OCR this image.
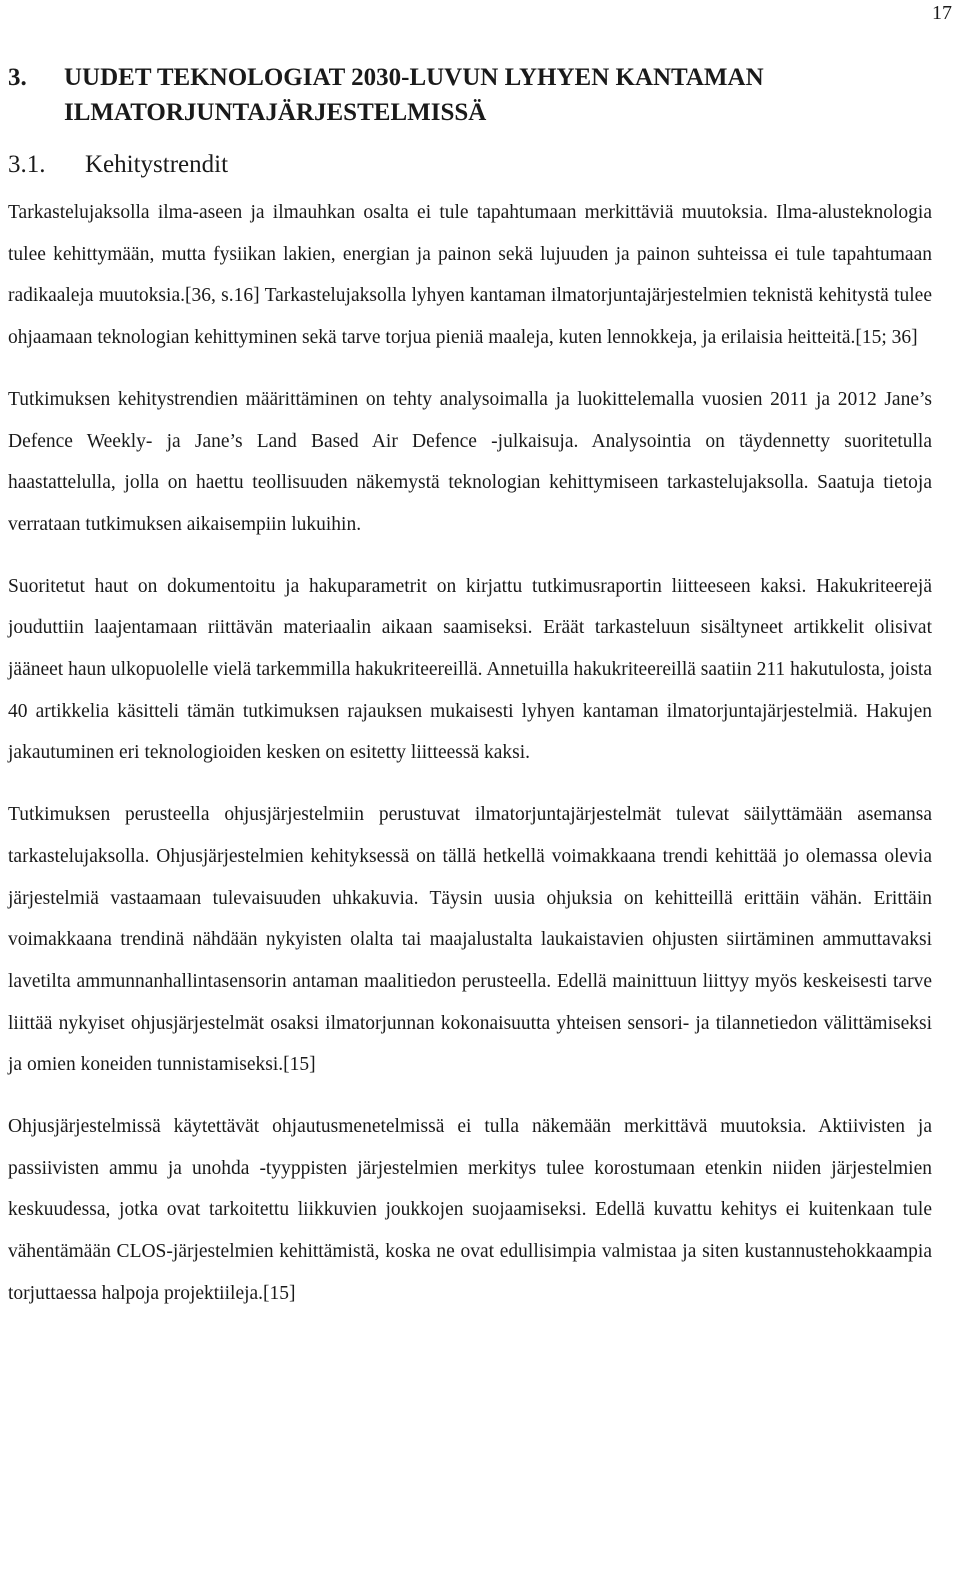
17
3.	UUDET TEKNOLOGIAT 2030-LUVUN LYHYEN KANTAMAN ILMATORJUNTAJÄRJESTELMISSÄ
3.1.	Kehitystrendit

Tarkastelujaksolla ilma-aseen ja ilmauhkan osalta ei tule tapahtumaan merkittäviä muutoksia. Ilma-alusteknologia tulee kehittymään, mutta fysiikan lakien, energian ja painon sekä lujuuden ja painon suhteissa ei tule tapahtumaan radikaaleja muutoksia.[36, s.16] Tarkastelujaksolla lyhyen kantaman ilmatorjuntajärjestelmien teknistä kehitystä tulee ohjaamaan teknologian kehittyminen sekä tarve torjua pieniä maaleja, kuten lennokkeja, ja erilaisia heitteitä.[15; 36]

Tutkimuksen kehitystrendien määrittäminen on tehty analysoimalla ja luokittelemalla vuosien 2011 ja 2012 Jane’s Defence Weekly- ja Jane’s Land Based Air Defence -julkaisuja. Analysointia on täydennetty suoritetulla haastattelulla, jolla on haettu teollisuuden näkemystä teknologian kehittymiseen tarkastelujaksolla. Saatuja tietoja verrataan tutkimuksen aikaisempiin lukuihin.

Suoritetut haut on dokumentoitu ja hakuparametrit on kirjattu tutkimusraportin liitteeseen kaksi. Hakukriteerejä jouduttiin laajentamaan riittävän materiaalin aikaan saamiseksi. Eräät tarkasteluun sisältyneet artikkelit olisivat jääneet haun ulkopuolelle vielä tarkemmilla hakukriteereillä. Annetuilla hakukriteereillä saatiin 211 hakutulosta, joista 40 artikkelia käsitteli tämän tutkimuksen rajauksen mukaisesti lyhyen kantaman ilmatorjuntajärjestelmiä. Hakujen jakautuminen eri teknologioiden kesken on esitetty liitteessä kaksi.

Tutkimuksen perusteella ohjusjärjestelmiin perustuvat ilmatorjuntajärjestelmät tulevat säilyttämään asemansa tarkastelujaksolla. Ohjusjärjestelmien kehityksessä on tällä hetkellä voimakkaana trendi kehittää jo olemassa olevia järjestelmiä vastaamaan tulevaisuuden uhkakuvia. Täysin uusia ohjuksia on kehitteillä erittäin vähän. Erittäin voimakkaana trendinä nähdään nykyisten olalta tai maajalustalta laukaistavien ohjusten siirtäminen ammuttavaksi lavetilta ammunnanhallintasensorin antaman maalitiedon perusteella. Edellä mainittuun liittyy myös keskeisesti tarve liittää nykyiset ohjusjärjestelmät osaksi ilmatorjunnan kokonaisuutta yhteisen sensori- ja tilannetiedon välittämiseksi ja omien koneiden tunnistamiseksi.[15]

Ohjusjärjestelmissä käytettävät ohjautusmenetelmissä ei tulla näkemään merkittävä muutoksia. Aktiivisten ja passiivisten ammu ja unohda -tyyppisten järjestelmien merkitys tulee korostumaan etenkin niiden järjestelmien keskuudessa, jotka ovat tarkoitettu liikkuvien joukkojen suojaamiseksi. Edellä kuvattu kehitys ei kuitenkaan tule vähentämään CLOS-järjestelmien kehittämistä, koska ne ovat edullisimpia valmistaa ja siten kustannustehokkaampia torjuttaessa halpoja projektiileja.[15]
